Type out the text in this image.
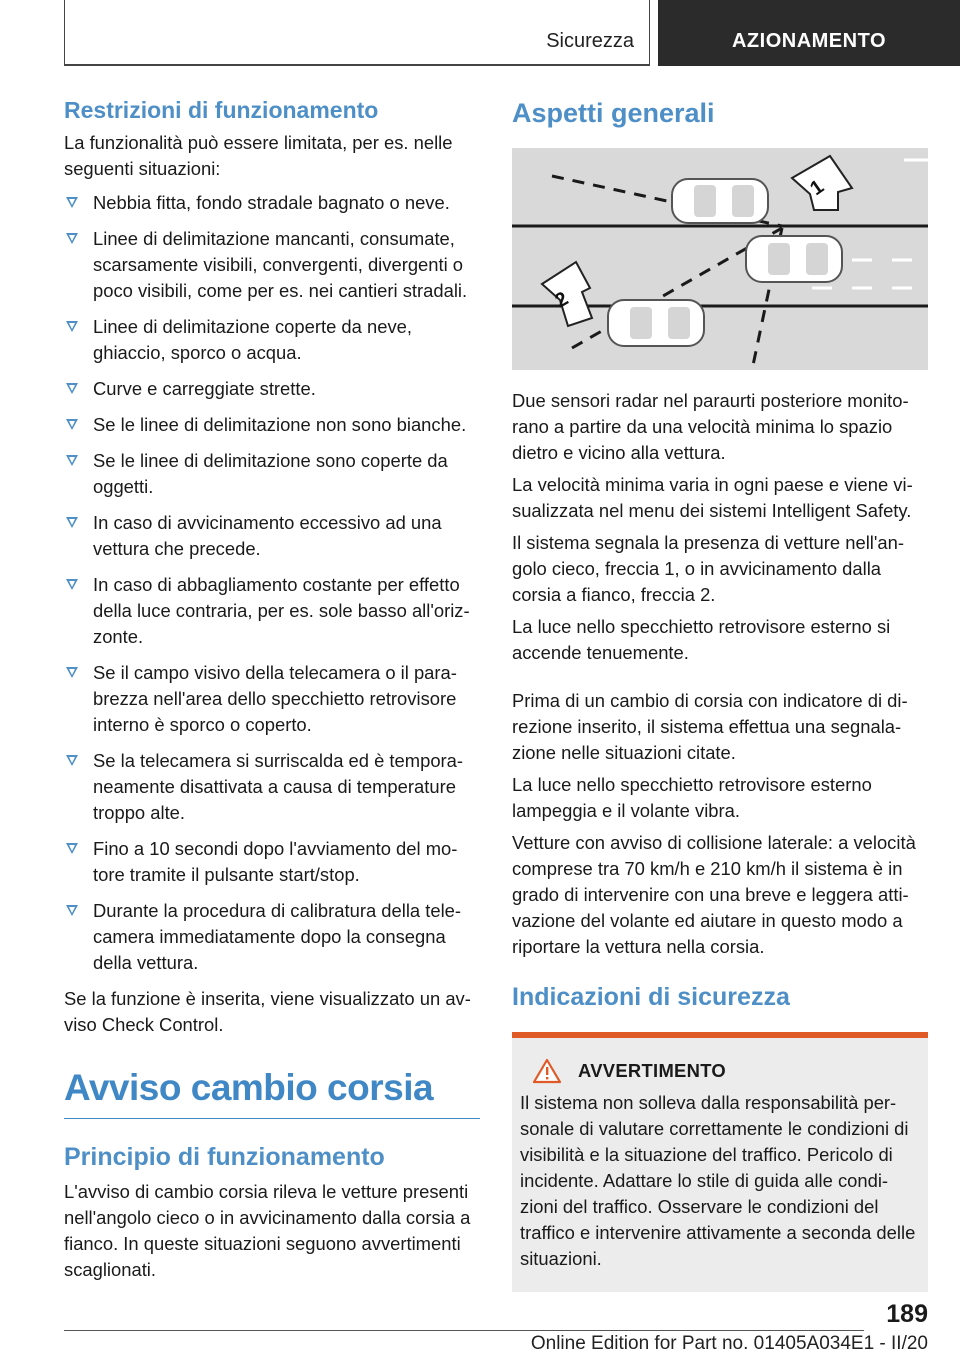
Sicurezza	AZIONAMENTO
Restrizioni di funzionamento

La funzionalità può essere limitata, per es. nelle seguenti situazioni:

Nebbia fitta, fondo stradale bagnato o neve.
Linee di delimitazione mancanti, consumate, scarsamente visibili, convergenti, divergenti o poco visibili, come per es. nei cantieri stradali.
Linee di delimitazione coperte da neve, ghiaccio, sporco o acqua.
Curve e carreggiate strette.
Se le linee di delimitazione non sono bianche.
Se le linee di delimitazione sono coperte da oggetti.
In caso di avvicinamento eccessivo ad una vettura che precede.
In caso di abbagliamento costante per effetto della luce contraria, per es. sole basso all'oriz-zonte.
Se il campo visivo della telecamera o il para-brezza nell'area dello specchietto retrovisore interno è sporco o coperto.
Se la telecamera si surriscalda ed è tempora-neamente disattivata a causa di temperature troppo alte.
Fino a 10 secondi dopo l'avviamento del mo-tore tramite il pulsante start/stop.
Durante la procedura di calibratura della tele-camera immediatamente dopo la consegna della vettura.

Se la funzione è inserita, viene visualizzato un av-viso Check Control.

Avviso cambio corsia
Principio di funzionamento

L'avviso di cambio corsia rileva le vetture presenti nell'angolo cieco o in avvicinamento dalla corsia a fianco. In queste situazioni seguono avvertimenti scaglionati.

Aspetti generali
1
2

Due sensori radar nel paraurti posteriore monito-rano a partire da una velocità minima lo spazio dietro e vicino alla vettura.

La velocità minima varia in ogni paese e viene vi-sualizzata nel menu dei sistemi Intelligent Safety.

Il sistema segnala la presenza di vetture nell'an-golo cieco, freccia 1, o in avvicinamento dalla corsia a fianco, freccia 2.

La luce nello specchietto retrovisore esterno si accende tenuemente.

Prima di un cambio di corsia con indicatore di di-rezione inserito, il sistema effettua una segnala-zione nelle situazioni citate.

La luce nello specchietto retrovisore esterno lampeggia e il volante vibra.

Vetture con avviso di collisione laterale: a velocità comprese tra 70 km/h e 210 km/h il sistema è in grado di intervenire con una breve e leggera atti-vazione del volante ed aiutare in questo modo a riportare la vettura nella corsia.

Indicazioni di sicurezza
AVVERTIMENTO

Il sistema non solleva dalla responsabilità per-sonale di valutare correttamente le condizioni di visibilità e la situazione del traffico. Pericolo di incidente. Adattare lo stile di guida alle condi-zioni del traffico. Osservare le condizioni del traffico e intervenire attivamente a seconda delle situazioni.

189
Online Edition for Part no. 01405A034E1 - II/20
